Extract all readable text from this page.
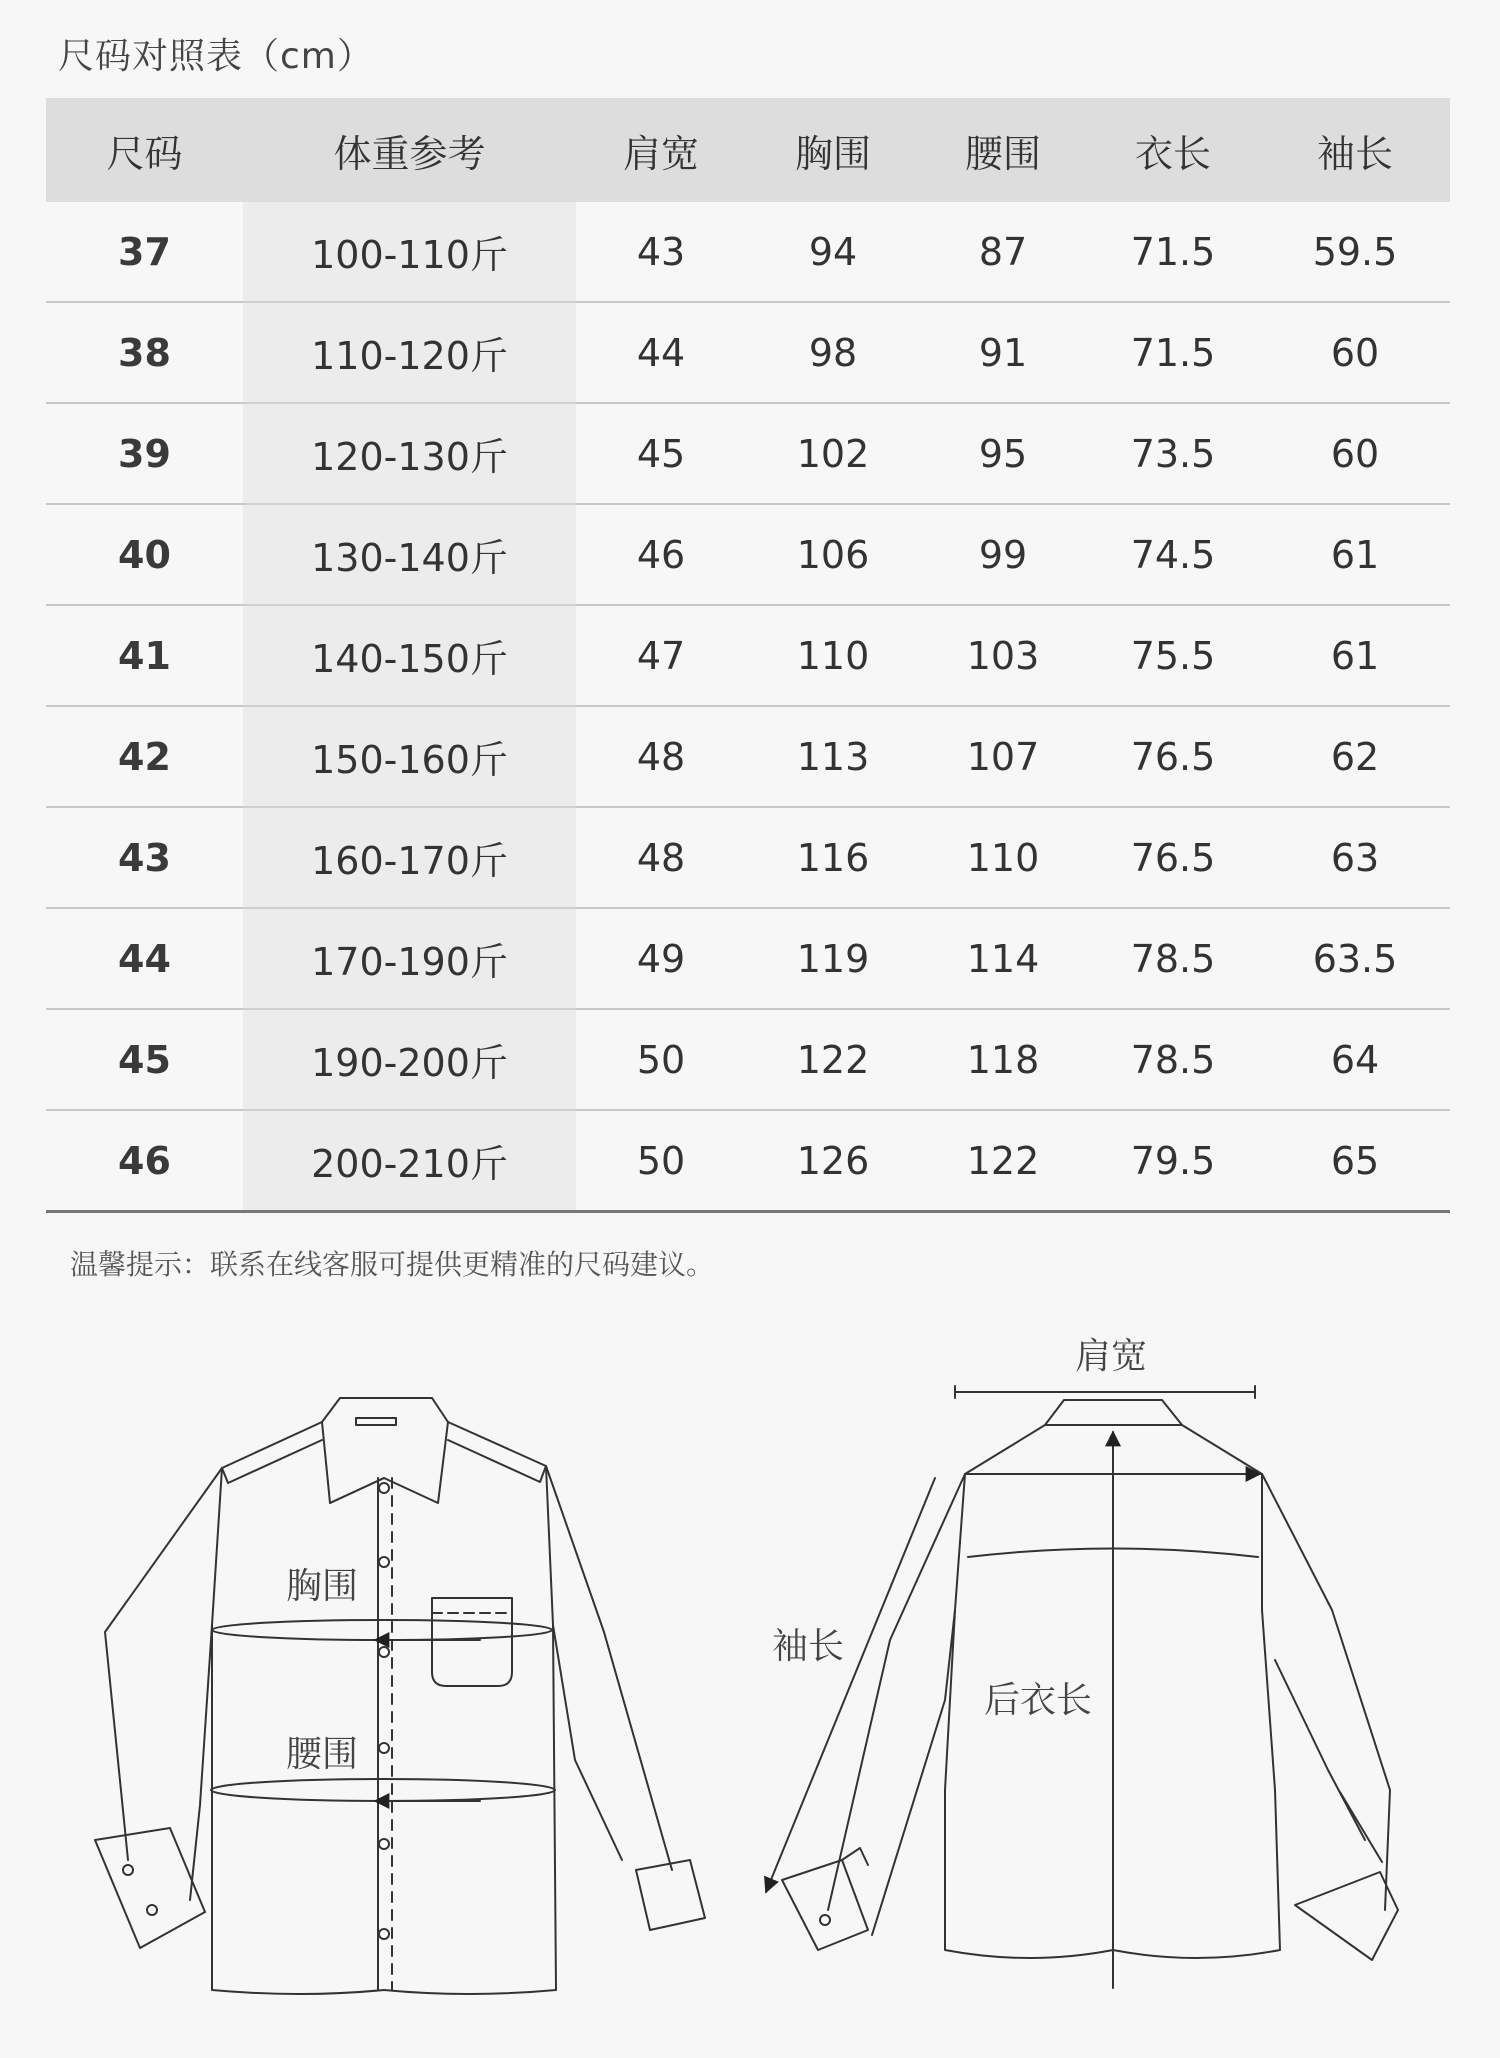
尺码对照表（cm）
尺码	体重参考	肩宽	胸围	腰围	衣长	袖长
37	100-110斤	43	94	87	71.5	59.5
38	110-120斤	44	98	91	71.5	60
39	120-130斤	45	102	95	73.5	60
40	130-140斤	46	106	99	74.5	61
41	140-150斤	47	110	103	75.5	61
42	150-160斤	48	113	107	76.5	62
43	160-170斤	48	116	110	76.5	63
44	170-190斤	49	119	114	78.5	63.5
45	190-200斤	50	122	118	78.5	64
46	200-210斤	50	126	122	79.5	65
温馨提示：联系在线客服可提供更精准的尺码建议。
胸围
腰围
肩宽
袖长
后衣长
